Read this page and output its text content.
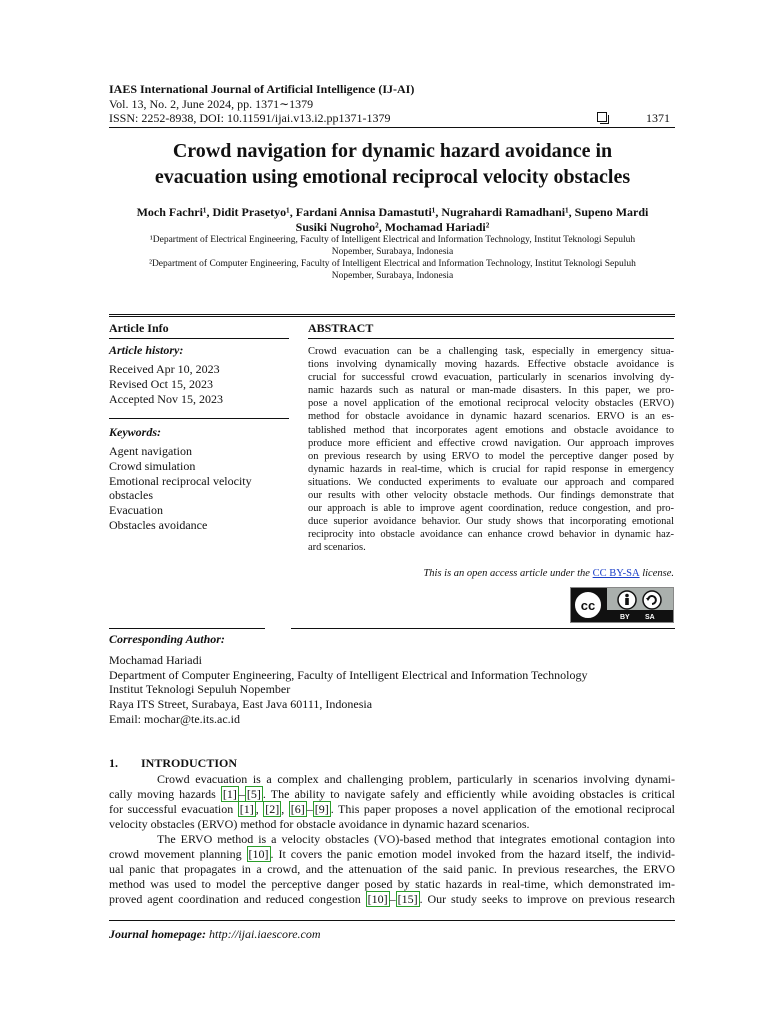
IAES International Journal of Artificial Intelligence (IJ-AI)
Vol. 13, No. 2, June 2024, pp. 1371∼1379
ISSN: 2252-8938, DOI: 10.11591/ijai.v13.i2.pp1371-1379	1371
Crowd navigation for dynamic hazard avoidance in
evacuation using emotional reciprocal velocity obstacles
Moch Fachri¹, Didit Prasetyo¹, Fardani Annisa Damastuti¹, Nugrahardi Ramadhani¹, Supeno Mardi
Susiki Nugroho², Mochamad Hariadi²
¹Department of Electrical Engineering, Faculty of Intelligent Electrical and Information Technology, Institut Teknologi Sepuluh
Nopember, Surabaya, Indonesia
²Department of Computer Engineering, Faculty of Intelligent Electrical and Information Technology, Institut Teknologi Sepuluh
Nopember, Surabaya, Indonesia
Article Info
Article history:
Received Apr 10, 2023
Revised Oct 15, 2023
Accepted Nov 15, 2023
Keywords:
Agent navigation
Crowd simulation
Emotional reciprocal velocity
obstacles
Evacuation
Obstacles avoidance
ABSTRACT
Crowd evacuation can be a challenging task, especially in emergency situa-
tions involving dynamically moving hazards. Effective obstacle avoidance is
crucial for successful crowd evacuation, particularly in scenarios involving dy-
namic hazards such as natural or man-made disasters. In this paper, we pro-
pose a novel application of the emotional reciprocal velocity obstacles (ERVO)
method for obstacle avoidance in dynamic hazard scenarios. ERVO is an es-
tablished method that incorporates agent emotions and obstacle avoidance to
produce more efficient and effective crowd navigation. Our approach improves
on previous research by using ERVO to model the perceptive danger posed by
dynamic hazards in real-time, which is crucial for rapid response in emergency
situations. We conducted experiments to evaluate our approach and compared
our results with other velocity obstacle methods. Our findings demonstrate that
our approach is able to improve agent coordination, reduce congestion, and pro-
duce superior avoidance behavior. Our study shows that incorporating emotional
reciprocity into obstacle avoidance can enhance crowd behavior in dynamic haz-
ard scenarios.
This is an open access article under the CC BY-SA license.
cc
BY SA
Corresponding Author:
Mochamad Hariadi
Department of Computer Engineering, Faculty of Intelligent Electrical and Information Technology
Institut Teknologi Sepuluh Nopember
Raya ITS Street, Surabaya, East Java 60111, Indonesia
Email: mochar@te.its.ac.id
1. INTRODUCTION
Crowd evacuation is a complex and challenging problem, particularly in scenarios involving dynami-
cally moving hazards [1] – [5] . The ability to navigate safely and efficiently while avoiding obstacles is critical
for successful evacuation [1] , [2] , [6] – [9] . This paper proposes a novel application of the emotional reciprocal
velocity obstacles (ERVO) method for obstacle avoidance in dynamic hazard scenarios.
The ERVO method is a velocity obstacles (VO)-based method that integrates emotional contagion into
crowd movement planning [10] . It covers the panic emotion model invoked from the hazard itself, the individ-
ual panic that propagates in a crowd, and the attenuation of the said panic. In previous researches, the ERVO
method was used to model the perceptive danger posed by static hazards in real-time, which demonstrated im-
proved agent coordination and reduced congestion [10] – [15] . Our study seeks to improve on previous research
Journal homepage: http://ijai.iaescore.com
